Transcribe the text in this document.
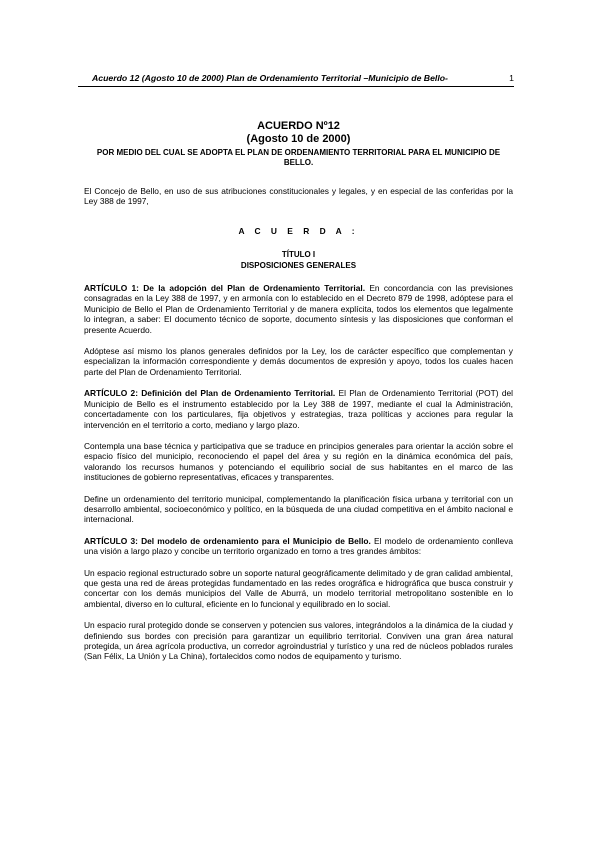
Acuerdo 12 (Agosto 10 de 2000) Plan de Ordenamiento Territorial –Municipio de Bello-	1
ACUERDO Nº12
(Agosto 10 de 2000)
POR MEDIO DEL CUAL SE ADOPTA EL PLAN DE ORDENAMIENTO TERRITORIAL PARA EL MUNICIPIO DE BELLO.

El Concejo de Bello, en uso de sus atribuciones constitucionales y legales, y en especial de las conferidas por la Ley 388 de 1997,

A C U E R D A :
TÍTULO I
DISPOSICIONES GENERALES

ARTÍCULO 1: De la adopción del Plan de Ordenamiento Territorial. En concordancia con las previsiones consagradas en la Ley 388 de 1997, y en armonía con lo establecido en el Decreto 879 de 1998, adóptese para el Municipio de Bello el Plan de Ordenamiento Territorial y de manera explícita, todos los elementos que legalmente lo integran, a saber: El documento técnico de soporte, documento síntesis y las disposiciones que conforman el presente Acuerdo.

Adóptese así mismo los planos generales definidos por la Ley, los de carácter específico que complementan y especializan la información correspondiente y demás documentos de expresión y apoyo, todos los cuales hacen parte del Plan de Ordenamiento Territorial.

ARTÍCULO 2: Definición del Plan de Ordenamiento Territorial. El Plan de Ordenamiento Territorial (POT) del Municipio de Bello es el instrumento establecido por la Ley 388 de 1997, mediante el cual la Administración, concertadamente con los particulares, fija objetivos y estrategias, traza políticas y acciones para regular la intervención en el territorio a corto, mediano y largo plazo.

Contempla una base técnica y participativa que se traduce en principios generales para orientar la acción sobre el espacio físico del municipio, reconociendo el papel del área y su región en la dinámica económica del país, valorando los recursos humanos y potenciando el equilibrio social de sus habitantes en el marco de las instituciones de gobierno representativas, eficaces y transparentes.

Define un ordenamiento del territorio municipal, complementando la planificación física urbana y territorial con un desarrollo ambiental, socioeconómico y político, en la búsqueda de una ciudad competitiva en el ámbito nacional e internacional.

ARTÍCULO 3: Del modelo de ordenamiento para el Municipio de Bello. El modelo de ordenamiento conlleva una visión a largo plazo y concibe un territorio organizado en torno a tres grandes ámbitos:

Un espacio regional estructurado sobre un soporte natural geográficamente delimitado y de gran calidad ambiental, que gesta una red de áreas protegidas fundamentado en las redes orográfica e hidrográfica que busca construir y concertar con los demás municipios del Valle de Aburrá, un modelo territorial metropolitano sostenible en lo ambiental, diverso en lo cultural, eficiente en lo funcional y equilibrado en lo social.

Un espacio rural protegido donde se conserven y potencien sus valores, integrándolos a la dinámica de la ciudad y definiendo sus bordes con precisión para garantizar un equilibrio territorial. Conviven una gran área natural protegida, un área agrícola productiva, un corredor agroindustrial y turístico y una red de núcleos poblados rurales (San Félix, La Unión y La China), fortalecidos como nodos de equipamento y turismo.
